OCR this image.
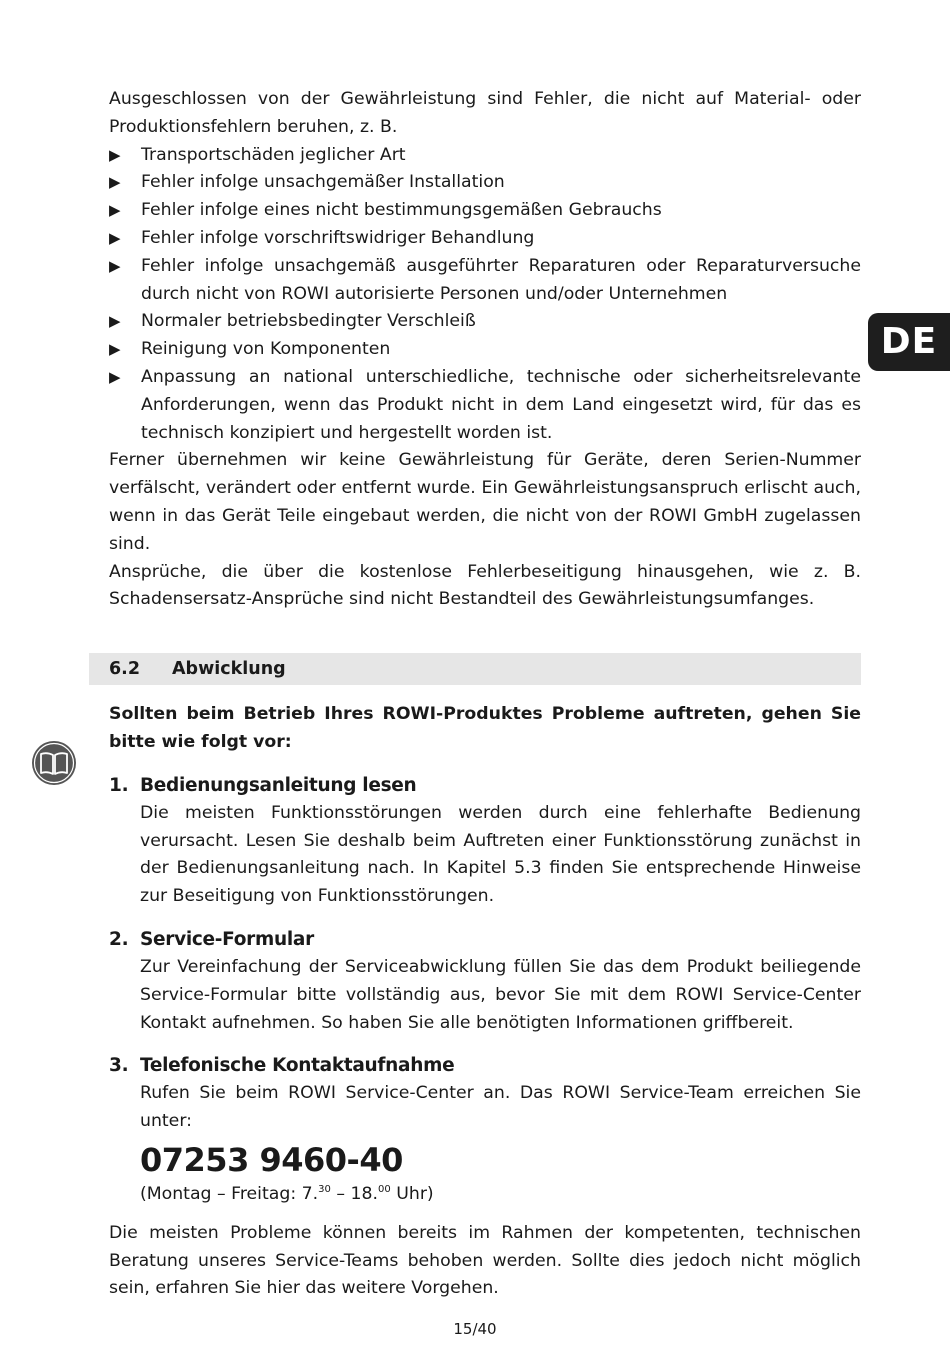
DE

Ausgeschlossen von der Gewährleistung sind Fehler, die nicht auf Material- oder Produktionsfehlern beruhen, z. B.

▶ Transportschäden jeglicher Art
▶ Fehler infolge unsachgemäßer Installation
▶ Fehler infolge eines nicht bestimmungsgemäßen Gebrauchs
▶ Fehler infolge vorschriftswidriger Behandlung
▶ Fehler infolge unsachgemäß ausgeführter Reparaturen oder Reparaturversuche durch nicht von ROWI autorisierte Personen und/oder Unternehmen
▶ Normaler betriebsbedingter Verschleiß
▶ Reinigung von Komponenten
▶ Anpassung an national unterschiedliche, technische oder sicherheitsrelevante Anforderungen, wenn das Produkt nicht in dem Land eingesetzt wird, für das es technisch konzipiert und hergestellt worden ist.

Ferner übernehmen wir keine Gewährleistung für Geräte, deren Serien-Nummer verfälscht, verändert oder entfernt wurde. Ein Gewährleistungsanspruch erlischt auch, wenn in das Gerät Teile eingebaut werden, die nicht von der ROWI GmbH zugelassen sind.

Ansprüche, die über die kostenlose Fehlerbeseitigung hinausgehen, wie z. B. Schadensersatz-Ansprüche sind nicht Bestandteil des Gewährleistungsumfanges.

6.2 Abwicklung

Sollten beim Betrieb Ihres ROWI-Produktes Probleme auftreten, gehen Sie bitte wie folgt vor:

1. Bedienungsanleitung lesen

Die meisten Funktionsstörungen werden durch eine fehlerhafte Bedienung verursacht. Lesen Sie deshalb beim Auftreten einer Funktionsstörung zunächst in der Bedienungsanleitung nach. In Kapitel 5.3 finden Sie entsprechende Hinweise zur Beseitigung von Funktionsstörungen.

2. Service-Formular

Zur Vereinfachung der Serviceabwicklung füllen Sie das dem Produkt beiliegende Service-Formular bitte vollständig aus, bevor Sie mit dem ROWI Service-Center Kontakt aufnehmen. So haben Sie alle benötigten Informationen griffbereit.

3. Telefonische Kontaktaufnahme

Rufen Sie beim ROWI Service-Center an. Das ROWI Service-Team erreichen Sie unter:

07253 9460-40
(Montag – Freitag: 7.30 – 18.00 Uhr)

Die meisten Probleme können bereits im Rahmen der kompetenten, technischen Beratung unseres Service-Teams behoben werden. Sollte dies jedoch nicht möglich sein, erfahren Sie hier das weitere Vorgehen.

15/40
